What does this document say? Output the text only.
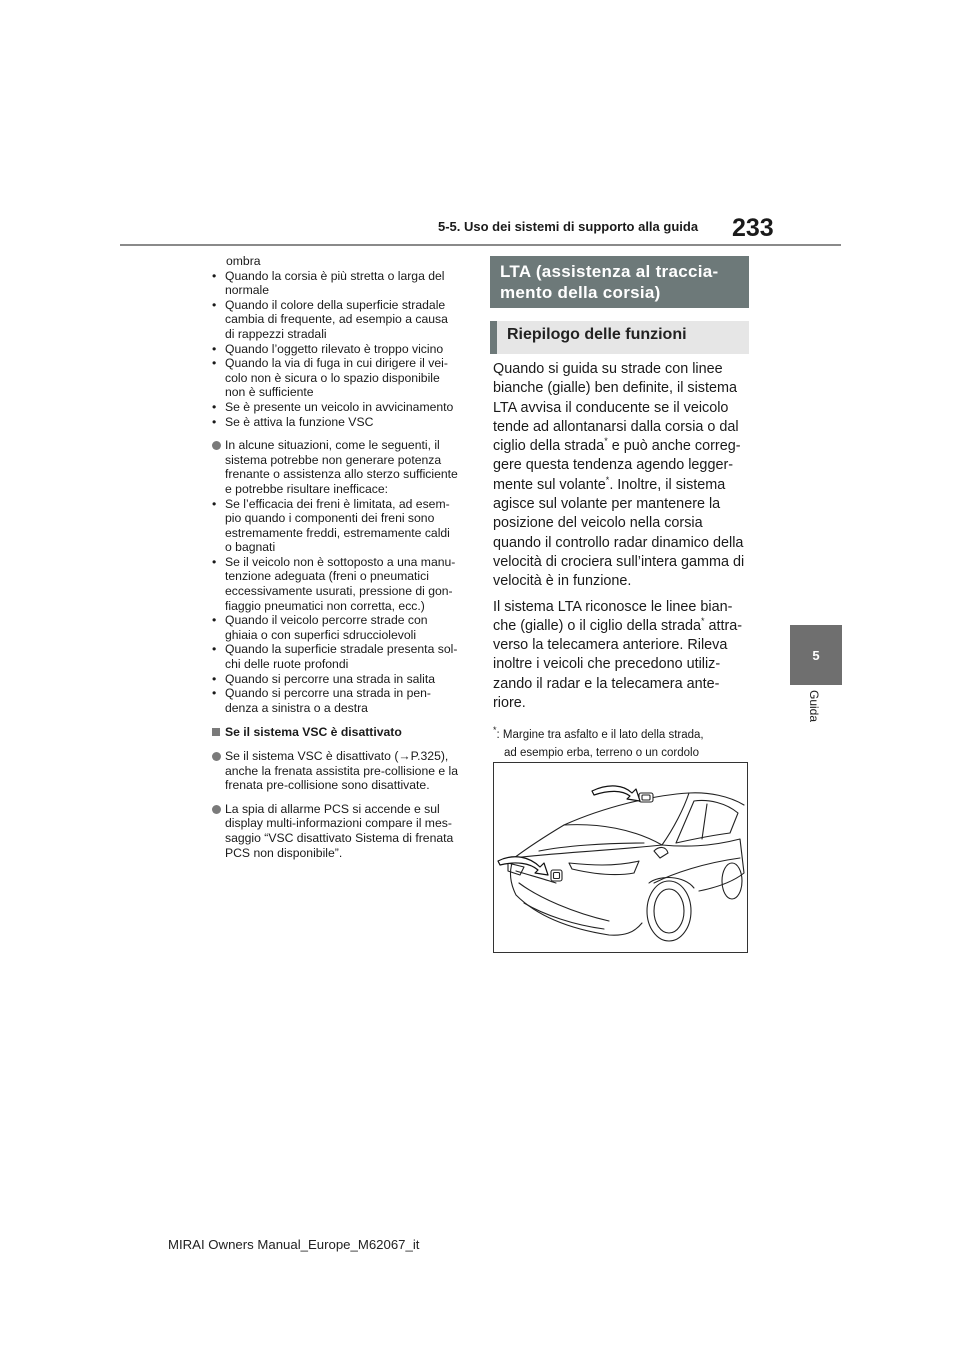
5-5. Uso dei sistemi di supporto alla guida 233
5
Guida

ombra

• Quando la corsia è più stretta o larga del

normale

• Quando il colore della superficie stradale

cambia di frequente, ad esempio a causa

di rappezzi stradali

• Quando l’oggetto rilevato è troppo vicino

• Quando la via di fuga in cui dirigere il vei-

colo non è sicura o lo spazio disponibile

non è sufficiente

• Se è presente un veicolo in avvicinamento

• Se è attiva la funzione VSC

In alcune situazioni, come le seguenti, il

sistema potrebbe non generare potenza

frenante o assistenza allo sterzo sufficiente

e potrebbe risultare inefficace:

• Se l’efficacia dei freni è limitata, ad esem-

pio quando i componenti dei freni sono

estremamente freddi, estremamente caldi

o bagnati

• Se il veicolo non è sottoposto a una manu-

tenzione adeguata (freni o pneumatici

eccessivamente usurati, pressione di gon-

fiaggio pneumatici non corretta, ecc.)

• Quando il veicolo percorre strade con

ghiaia o con superfici sdrucciolevoli

• Quando la superficie stradale presenta sol-

chi delle ruote profondi

• Quando si percorre una strada in salita

• Quando si percorre una strada in pen-

denza a sinistra o a destra

Se il sistema VSC è disattivato

Se il sistema VSC è disattivato (→P.325),

anche la frenata assistita pre-collisione e la

frenata pre-collisione sono disattivate.

La spia di allarme PCS si accende e sul

display multi-informazioni compare il mes-

saggio “VSC disattivato Sistema di frenata

PCS non disponibile”.

LTA (assistenza al traccia-
mento della corsia)
Riepilogo delle funzioni

Quando si guida su strade con linee

bianche (gialle) ben definite, il sistema

LTA avvisa il conducente se il veicolo

tende ad allontanarsi dalla corsia o dal

ciglio della strada* e può anche correg-

gere questa tendenza agendo legger-

mente sul volante*. Inoltre, il sistema

agisce sul volante per mantenere la

posizione del veicolo nella corsia

quando il controllo radar dinamico della

velocità di crociera sull’intera gamma di

velocità è in funzione.

Il sistema LTA riconosce le linee bian-

che (gialle) o il ciglio della strada* attra-

verso la telecamera anteriore. Rileva

inoltre i veicoli che precedono utiliz-

zando il radar e la telecamera ante-

riore.

*: Margine tra asfalto e il lato della strada,
ad esempio erba, terreno o un cordolo
MIRAI Owners Manual_Europe_M62067_it
